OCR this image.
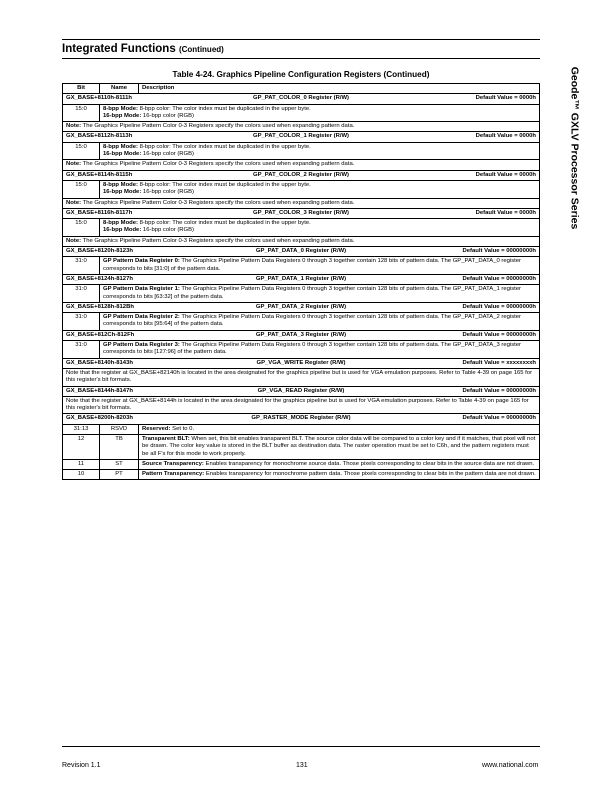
Integrated Functions (Continued)
Geode™ GXLV Processor Series
Table 4-24. Graphics Pipeline Configuration Registers (Continued)
Bit	Name	Description

GX_BASE+8110h-8111h GP_PAT_COLOR_0 Register (R/W) Default Value = 0000h		

15:0	8-bpp Mode: 8-bpp color: The color index must be duplicated in the upper byte.
16-bpp Mode: 16-bpp color (RGB)	
Note: The Graphics Pipeline Pattern Color 0-3 Registers specify the colors used when expanding pattern data.		

GX_BASE+8112h-8113h GP_PAT_COLOR_1 Register (R/W) Default Value = 0000h		

15:0	8-bpp Mode: 8-bpp color: The color index must be duplicated in the upper byte.
16-bpp Mode: 16-bpp color (RGB)	
Note: The Graphics Pipeline Pattern Color 0-3 Registers specify the colors used when expanding pattern data.		

GX_BASE+8114h-8115h GP_PAT_COLOR_2 Register (R/W) Default Value = 0000h		

15:0	8-bpp Mode: 8-bpp color: The color index must be duplicated in the upper byte.
16-bpp Mode: 16-bpp color (RGB)	
Note: The Graphics Pipeline Pattern Color 0-3 Registers specify the colors used when expanding pattern data.		

GX_BASE+8116h-8117h GP_PAT_COLOR_3 Register (R/W) Default Value = 0000h		

15:0	8-bpp Mode: 8-bpp color: The color index must be duplicated in the upper byte.
16-bpp Mode: 16-bpp color (RGB)	
Note: The Graphics Pipeline Pattern Color 0-3 Registers specify the colors used when expanding pattern data.		

GX_BASE+8120h-8123h GP_PAT_DATA_0 Register (R/W) Default Value = 00000000h		

31:0	GP Pattern Data Register 0: The Graphics Pipeline Pattern Data Registers 0 through 3 together contain 128 bits of pattern data. The GP_PAT_DATA_0 register corresponds to bits [31:0] of the pattern data.	

GX_BASE+8124h-8127h GP_PAT_DATA_1 Register (R/W) Default Value = 00000000h		

31:0	GP Pattern Data Register 1: The Graphics Pipeline Pattern Data Registers 0 through 3 together contain 128 bits of pattern data. The GP_PAT_DATA_1 register corresponds to bits [63:32] of the pattern data.	

GX_BASE+8128h-812Bh GP_PAT_DATA_2 Register (R/W) Default Value = 00000000h		

31:0	GP Pattern Data Register 2: The Graphics Pipeline Pattern Data Registers 0 through 3 together contain 128 bits of pattern data. The GP_PAT_DATA_2 register corresponds to bits [95:64] of the pattern data.	

GX_BASE+812Ch-812Fh GP_PAT_DATA_3 Register (R/W) Default Value = 00000000h		

31:0	GP Pattern Data Register 3: The Graphics Pipeline Pattern Data Registers 0 through 3 together contain 128 bits of pattern data. The GP_PAT_DATA_3 register corresponds to bits [127:96] of the pattern data.	

GX_BASE+8140h-8143h GP_VGA_WRITE Register (R/W) Default Value = xxxxxxxxh		

Note that the register at GX_BASE+82140h is located in the area designated for the graphics pipeline but is used for VGA emulation purposes. Refer to Table 4-39 on page 165 for this register's bit formats.		

GX_BASE+8144h-8147h GP_VGA_READ Register (R/W) Default Value = 00000000h		

Note that the register at GX_BASE+8144h is located in the area designated for the graphics pipeline but is used for VGA emulation purposes. Refer to Table 4-39 on page 165 for this register's bit formats.		

GX_BASE+8200h-8203h GP_RASTER_MODE Register (R/W) Default Value = 00000000h		

31:13	RSVD	Reserved: Set to 0.
12	TB	Transparent BLT: When set, this bit enables transparent BLT. The source color data will be compared to a color key and if it matches, that pixel will not be drawn. The color key value is stored in the BLT buffer as destination data. The raster operation must be set to C6h, and the pattern registers must be all F's for this mode to work properly.
11	ST	Source Transparency: Enables transparency for monochrome source data. Those pixels corresponding to clear bits in the source data are not drawn.
10	PT	Pattern Transparency: Enables transparency for monochrome pattern data. Those pixels corresponding to clear bits in the pattern data are not drawn.
Revision 1.1	131	www.national.com
